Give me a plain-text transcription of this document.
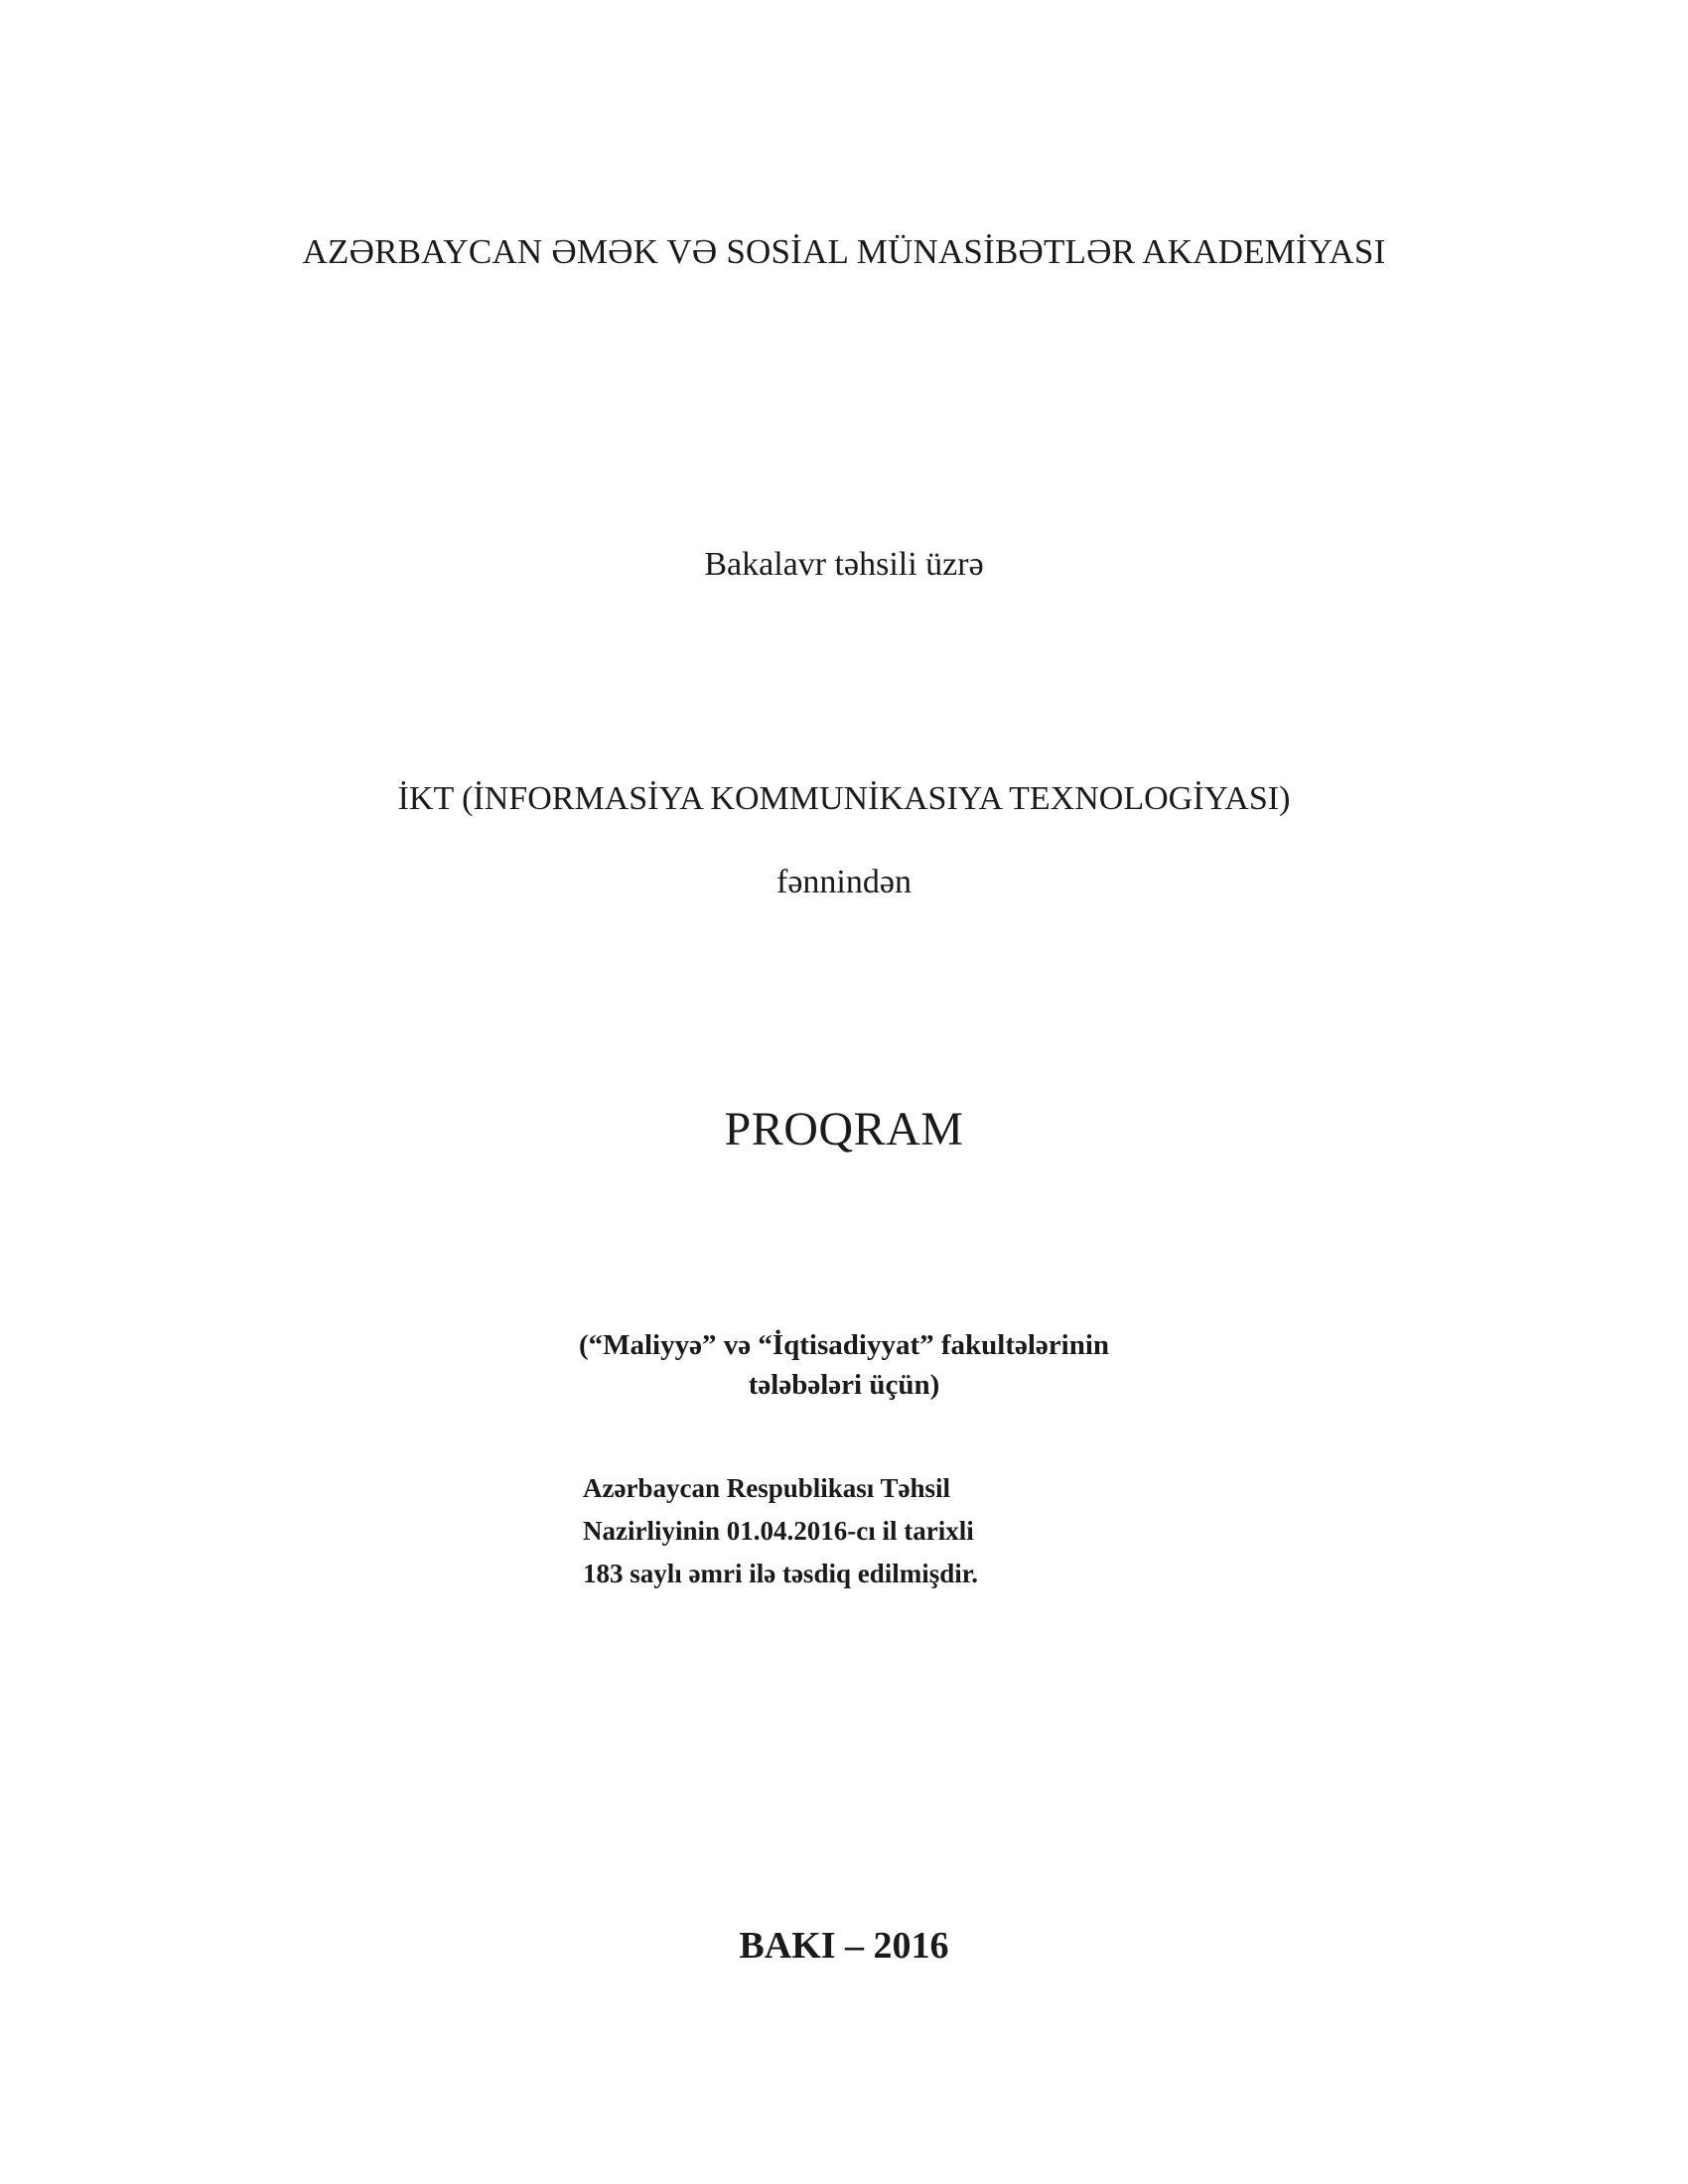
AZƏRBAYCAN ƏMƏK VƏ SOSİAL MÜNASİBƏTLƏR AKADEMİYASI
Bakalavr təhsili üzrə
İKT (İNFORMASİYA KOMMUNİKASIYA TEXNOLOGİYASI)
fənnindən
PROQRAM
(“Maliyyə” və “İqtisadiyyat” fakultələrinin
tələbələri üçün)
Azərbaycan Respublikası Təhsil
Nazirliyinin 01.04.2016-cı il tarixli
183 saylı əmri ilə təsdiq edilmişdir.
BAKI – 2016
